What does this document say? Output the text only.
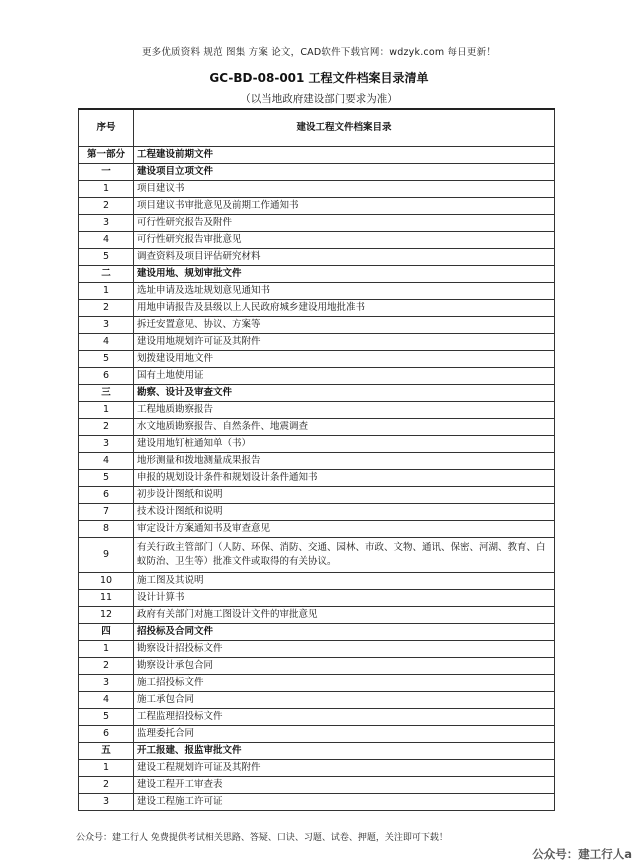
更多优质资料 规范 图集 方案 论文，CAD软件下载官网：wdzyk.com 每日更新！
GC-BD-08-001 工程文件档案目录清单
（以当地政府建设部门要求为准）
序号	建设工程文件档案目录
第一部分	工程建设前期文件
一	建设项目立项文件
1	项目建议书
2	项目建议书审批意见及前期工作通知书
3	可行性研究报告及附件
4	可行性研究报告审批意见
5	调查资料及项目评估研究材料
二	建设用地、规划审批文件
1	选址申请及选址规划意见通知书
2	用地申请报告及县级以上人民政府城乡建设用地批准书
3	拆迁安置意见、协议、方案等
4	建设用地规划许可证及其附件
5	划拨建设用地文件
6	国有土地使用证
三	勘察、设计及审查文件
1	工程地质勘察报告
2	水文地质勘察报告、自然条件、地震调查
3	建设用地钉桩通知单（书）
4	地形测量和拨地测量成果报告
5	申报的规划设计条件和规划设计条件通知书
6	初步设计图纸和说明
7	技术设计图纸和说明
8	审定设计方案通知书及审查意见
9	有关行政主管部门（人防、环保、消防、交通、园林、市政、文物、通讯、保密、河湖、教育、白蚁防治、卫生等）批准文件或取得的有关协议。
10	施工图及其说明
11	设计计算书
12	政府有关部门对施工图设计文件的审批意见
四	招投标及合同文件
1	勘察设计招投标文件
2	勘察设计承包合同
3	施工招投标文件
4	施工承包合同
5	工程监理招投标文件
6	监理委托合同
五	开工报建、报监审批文件
1	建设工程规划许可证及其附件
2	建设工程开工审查表
3	建设工程施工许可证
公众号：建工行人 免费提供考试相关思路、答疑、口诀、习题、试卷、押题，关注即可下载！
公众号：建工行人a
